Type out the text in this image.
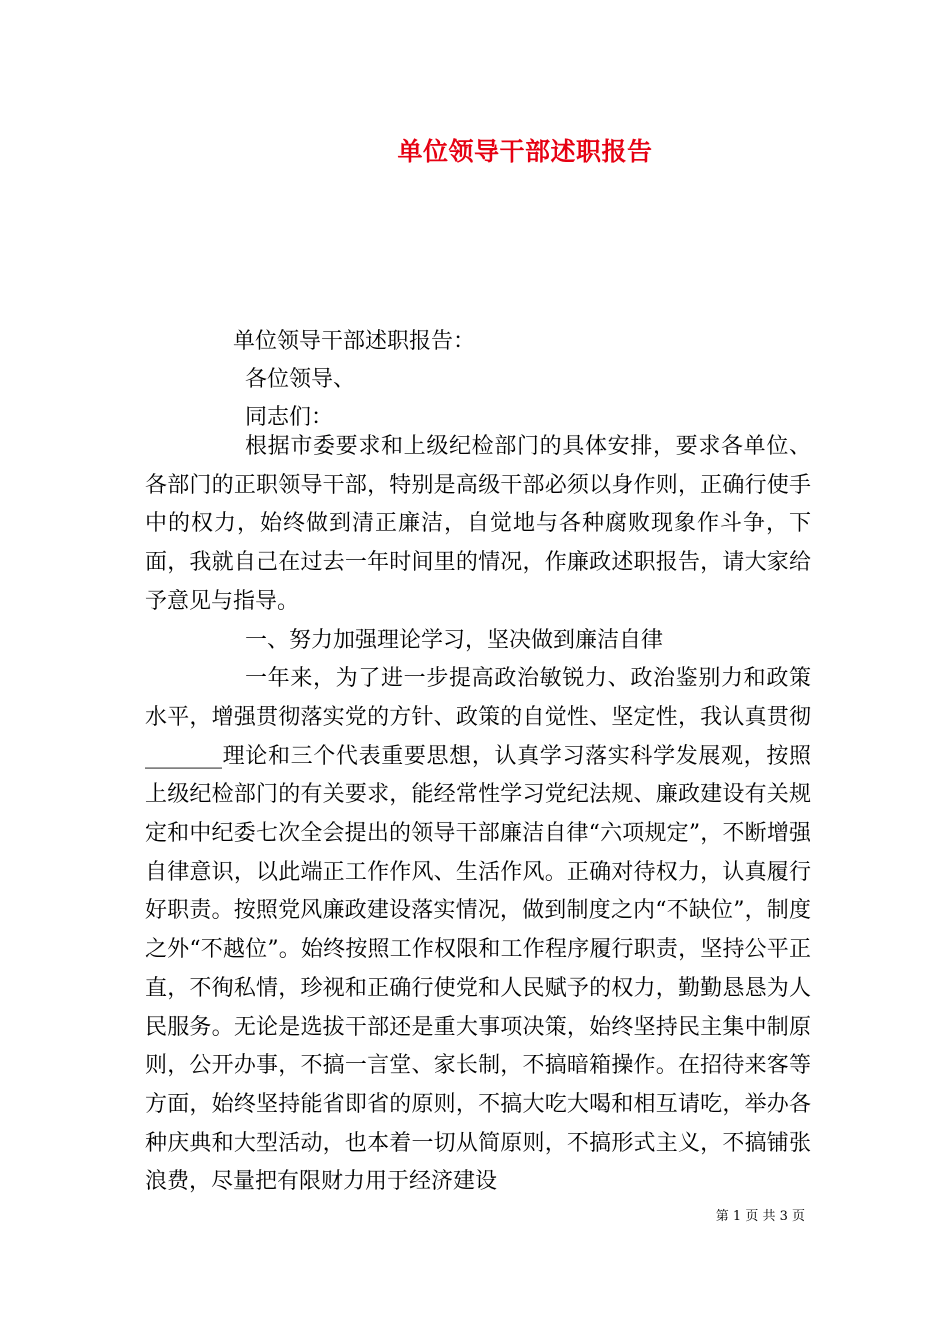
单位领导干部述职报告
单位领导干部述职报告：
各位领导、
同志们：

根据市委要求和上级纪检部门的具体安排，要求各单位、各部门的正职领导干部，特别是高级干部必须以身作则，正确行使手中的权力，始终做到清正廉洁，自觉地与各种腐败现象作斗争，下面，我就自己在过去一年时间里的情况，作廉政述职报告，请大家给予意见与指导。

一、努力加强理论学习，坚决做到廉洁自律

一年来，为了进一步提高政治敏锐力、政治鉴别力和政策水平，增强贯彻落实党的方针、政策的自觉性、坚定性，我认真贯彻_______理论和三个代表重要思想，认真学习落实科学发展观，按照上级纪检部门的有关要求，能经常性学习党纪法规、廉政建设有关规定和中纪委七次全会提出的领导干部廉洁自律“六项规定”，不断增强自律意识，以此端正工作作风、生活作风。正确对待权力，认真履行好职责。按照党风廉政建设落实情况，做到制度之内“不缺位”，制度之外“不越位”。始终按照工作权限和工作程序履行职责，坚持公平正直，不徇私情，珍视和正确行使党和人民赋予的权力，勤勤恳恳为人民服务。无论是选拔干部还是重大事项决策，始终坚持民主集中制原则，公开办事，不搞一言堂、家长制，不搞暗箱操作。在招待来客等方面，始终坚持能省即省的原则，不搞大吃大喝和相互请吃，举办各种庆典和大型活动，也本着一切从简原则，不搞形式主义，不搞铺张浪费，尽量把有限财力用于经济建设

第 1 页 共 3 页
